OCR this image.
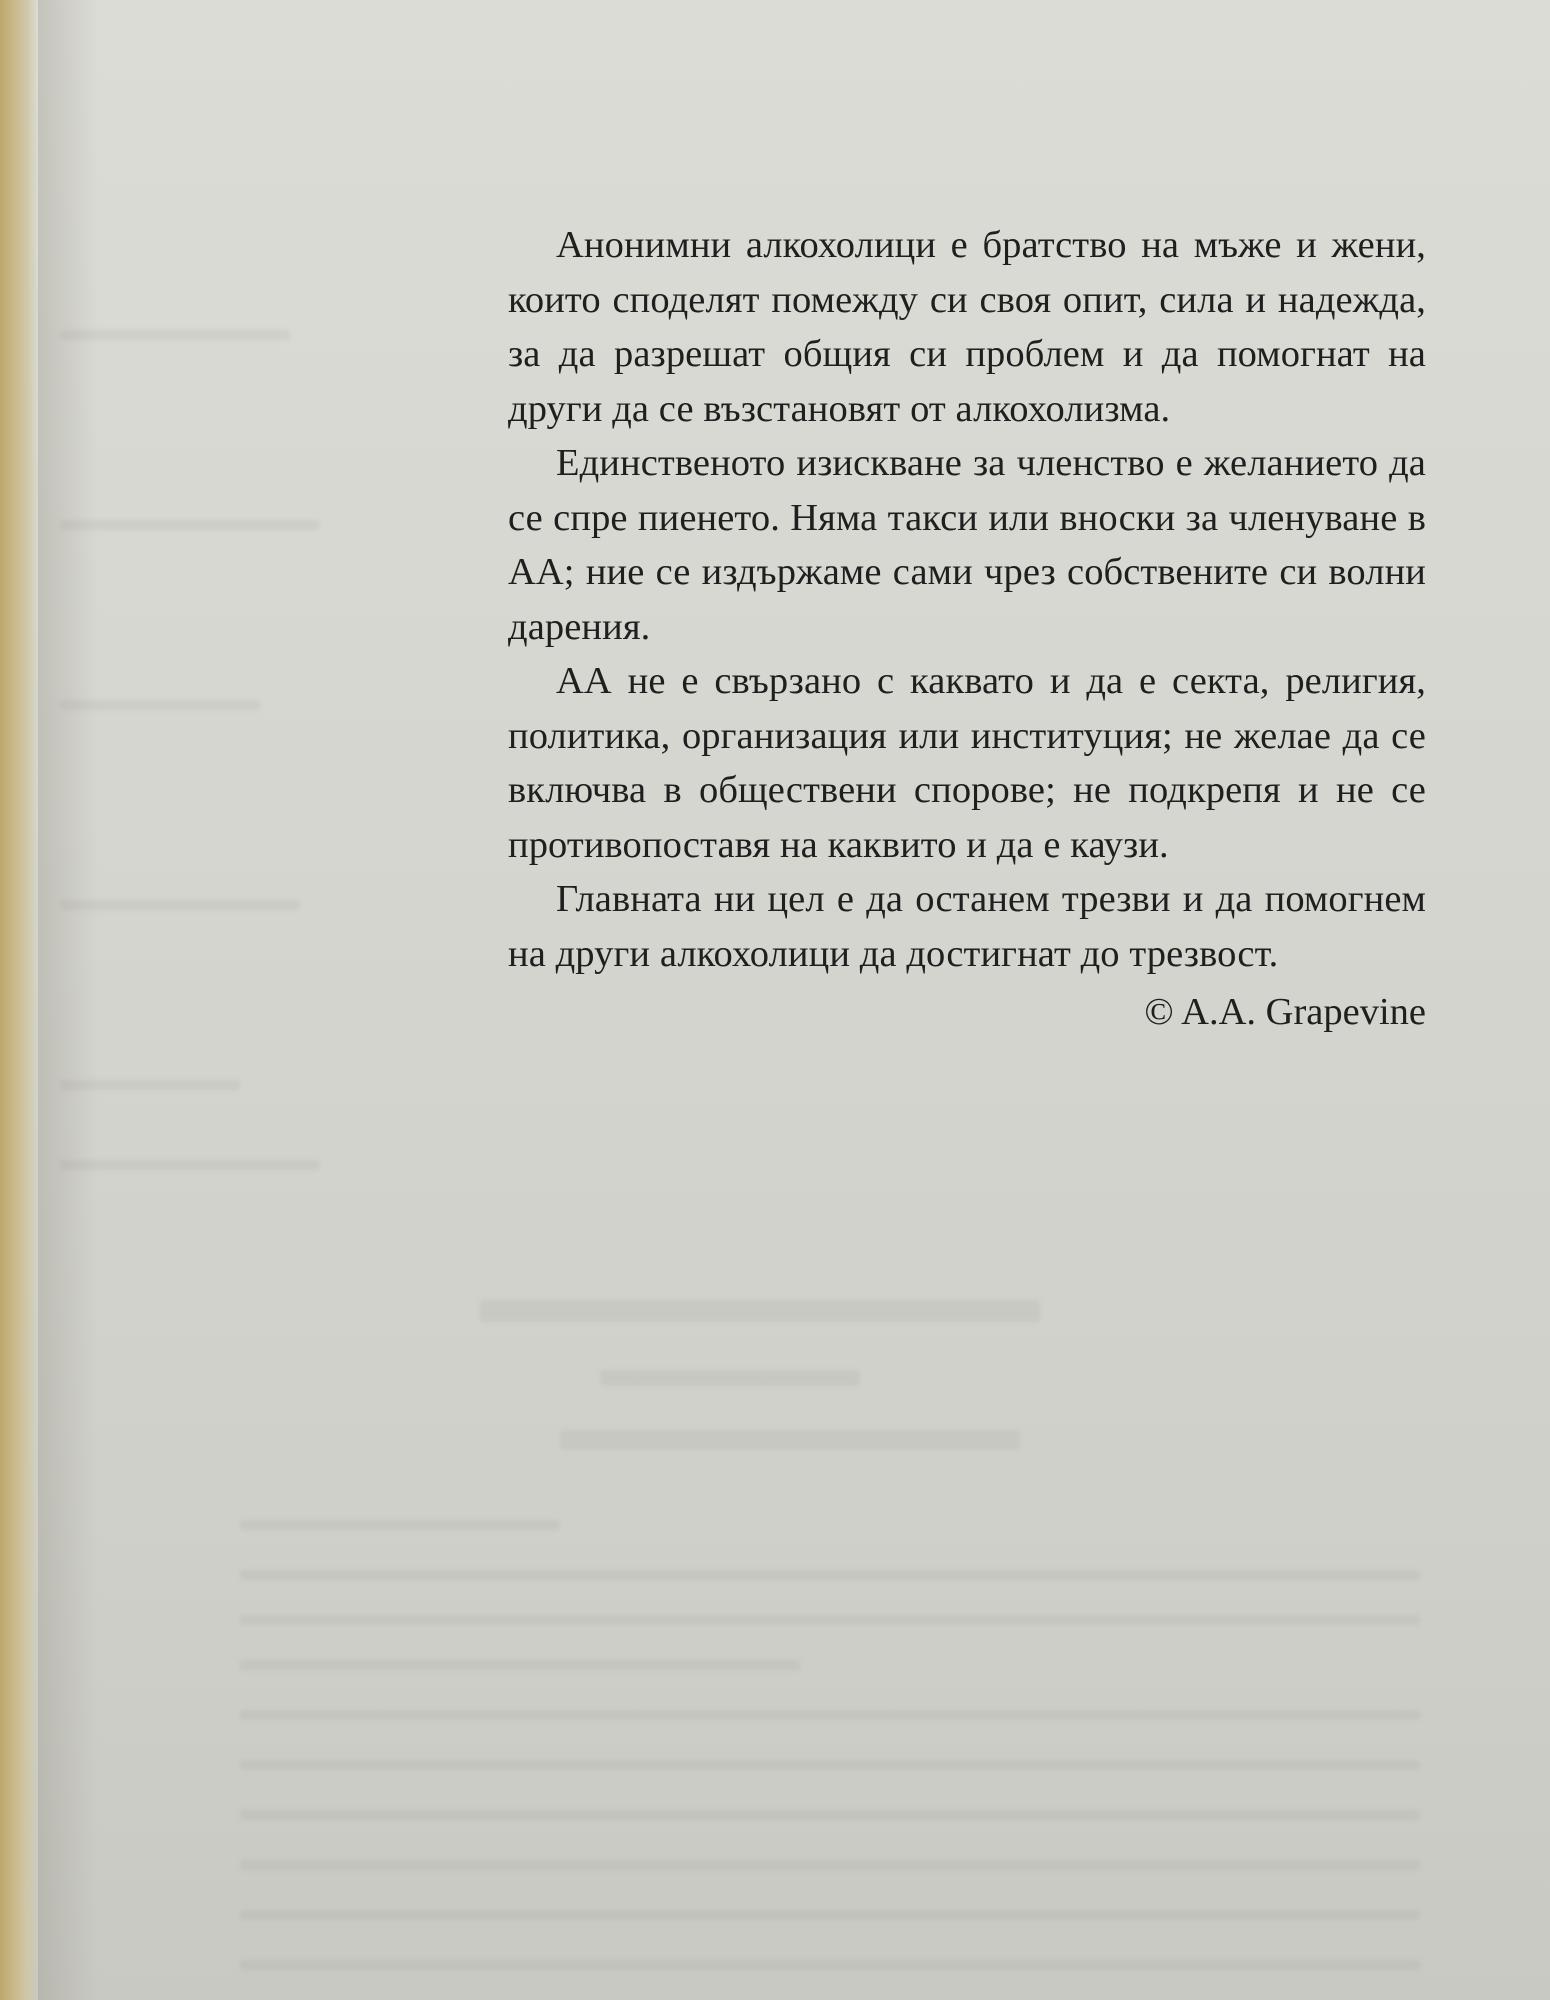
Анонимни алкохолици е братство на мъже и жени, които споделят помежду си своя опит, сила и надежда, за да разрешат общия си проблем и да помогнат на други да се възстановят от алкохолизма.

Единственото изискване за членство е желанието да се спре пиенето. Няма такси или вноски за членуване в АА; ние се издържаме сами чрез собствените си волни дарения.

АА не е свързано с каквато и да е секта, религия, политика, организация или институция; не желае да се включва в обществени спорове; не подкрепя и не се противопоставя на каквито и да е каузи.

Главната ни цел е да останем трезви и да помогнем на други алкохолици да достигнат до трезвост.

© A.A. Grapevine
